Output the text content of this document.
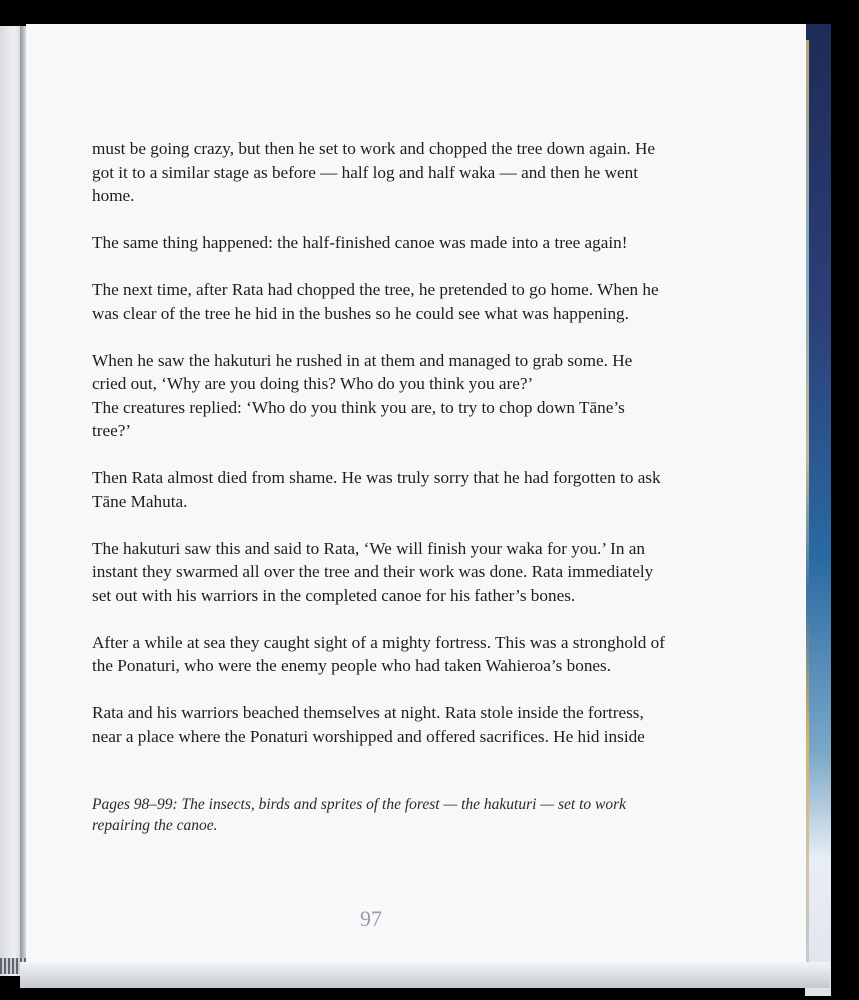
must be going crazy, but then he set to work and chopped the tree down again. He got it to a similar stage as before — half log and half waka — and then he went home.

The same thing happened: the half-finished canoe was made into a tree again!

The next time, after Rata had chopped the tree, he pretended to go home. When he was clear of the tree he hid in the bushes so he could see what was happening.

When he saw the hakuturi he rushed in at them and managed to grab some. He cried out, ‘Why are you doing this? Who do you think you are?’

The creatures replied: ‘Who do you think you are, to try to chop down Tāne’s tree?’

Then Rata almost died from shame. He was truly sorry that he had forgotten to ask Tāne Mahuta.

The hakuturi saw this and said to Rata, ‘We will finish your waka for you.’ In an instant they swarmed all over the tree and their work was done. Rata immediately set out with his warriors in the completed canoe for his father’s bones.

After a while at sea they caught sight of a mighty fortress. This was a stronghold of the Ponaturi, who were the enemy people who had taken Wahieroa’s bones.

Rata and his warriors beached themselves at night. Rata stole inside the fortress, near a place where the Ponaturi worshipped and offered sacrifices. He hid inside

Pages 98–99: The insects, birds and sprites of the forest — the hakuturi — set to work repairing the canoe.
97
